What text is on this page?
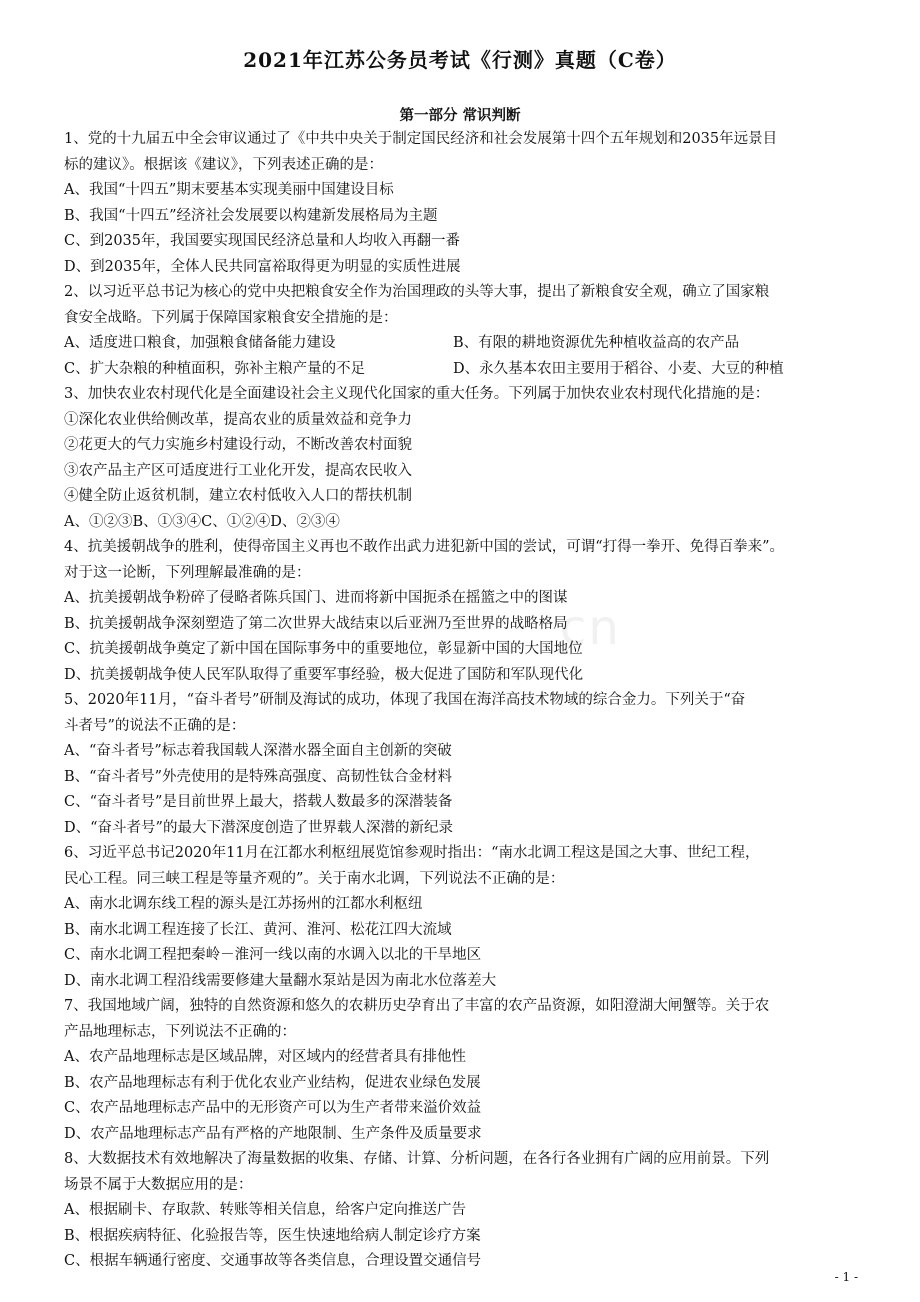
cn
2021年江苏公务员考试《行测》真题（C卷）
第一部分 常识判断
1、党的十九届五中全会审议通过了《中共中央关于制定国民经济和社会发展第十四个五年规划和2035年远景目
标的建议》。根据该《建议》，下列表述正确的是：
A、我国“十四五”期末要基本实现美丽中国建设目标
B、我国“十四五”经济社会发展要以构建新发展格局为主题
C、到2035年，我国要实现国民经济总量和人均收入再翻一番
D、到2035年，全体人民共同富裕取得更为明显的实质性进展
2、以习近平总书记为核心的党中央把粮食安全作为治国理政的头等大事，提出了新粮食安全观，确立了国家粮
食安全战略。下列属于保障国家粮食安全措施的是：
A、适度进口粮食，加强粮食储备能力建设	B、有限的耕地资源优先种植收益高的农产品
C、扩大杂粮的种植面积，弥补主粮产量的不足	D、永久基本农田主要用于稻谷、小麦、大豆的种植
3、加快农业农村现代化是全面建设社会主义现代化国家的重大任务。下列属于加快农业农村现代化措施的是：
①深化农业供给侧改革，提高农业的质量效益和竞争力
②花更大的气力实施乡村建设行动，不断改善农村面貌
③农产品主产区可适度进行工业化开发，提高农民收入
④健全防止返贫机制，建立农村低收入人口的帮扶机制
A、①②③B、①③④C、①②④D、②③④
4、抗美援朝战争的胜利，使得帝国主义再也不敢作出武力进犯新中国的尝试，可谓“打得一拳开、免得百拳来”。
对于这一论断，下列理解最准确的是：
A、抗美援朝战争粉碎了侵略者陈兵国门、进而将新中国扼杀在摇篮之中的图谋
B、抗美援朝战争深刻塑造了第二次世界大战结束以后亚洲乃至世界的战略格局
C、抗美援朝战争奠定了新中国在国际事务中的重要地位，彰显新中国的大国地位
D、抗美援朝战争使人民军队取得了重要军事经验，极大促进了国防和军队现代化
5、2020年11月，“奋斗者号”研制及海试的成功，体现了我国在海洋高技术物域的综合金力。下列关于“奋
斗者号”的说法不正确的是：
A、“奋斗者号”标志着我国载人深潜水器全面自主创新的突破
B、“奋斗者号”外壳使用的是特殊高强度、高韧性钛合金材料
C、“奋斗者号”是目前世界上最大，搭载人数最多的深潜装备
D、“奋斗者号”的最大下潜深度创造了世界载人深潜的新纪录
6、习近平总书记2020年11月在江都水利枢纽展览馆参观时指出：“南水北调工程这是国之大事、世纪工程，
民心工程。同三峡工程是等量齐观的”。关于南水北调，下列说法不正确的是：
A、南水北调东线工程的源头是江苏扬州的江都水利枢纽
B、南水北调工程连接了长江、黄河、淮河、松花江四大流域
C、南水北调工程把秦岭－淮河一线以南的水调入以北的干旱地区
D、南水北调工程沿线需要修建大量翻水泵站是因为南北水位落差大
7、我国地域广阔，独特的自然资源和悠久的农耕历史孕育出了丰富的农产品资源，如阳澄湖大闸蟹等。关于农
产品地理标志，下列说法不正确的：
A、农产品地理标志是区域品牌，对区域内的经营者具有排他性
B、农产品地理标志有利于优化农业产业结构，促进农业绿色发展
C、农产品地理标志产品中的无形资产可以为生产者带来溢价效益
D、农产品地理标志产品有严格的产地限制、生产条件及质量要求
8、大数据技术有效地解决了海量数据的收集、存储、计算、分析问题，在各行各业拥有广阔的应用前景。下列
场景不属于大数据应用的是：
A、根据刷卡、存取款、转账等相关信息，给客户定向推送广告
B、根据疾病特征、化验报告等，医生快速地给病人制定诊疗方案
C、根据车辆通行密度、交通事故等各类信息，合理设置交通信号
- 1 -
